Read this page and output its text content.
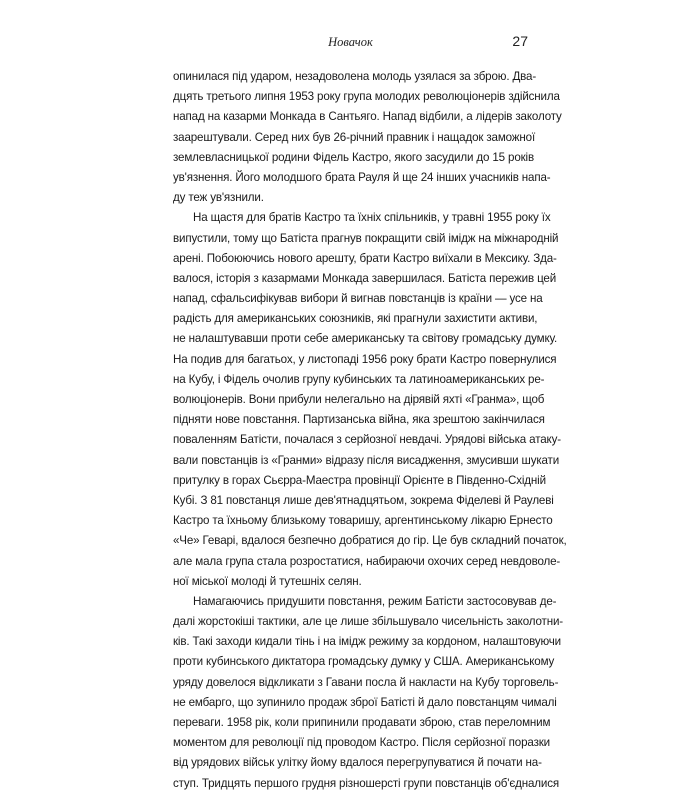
Новачок	27
опинилася під ударом, незадоволена молодь узялася за зброю. Два-
дцять третього липня 1953 року група молодих революціонерів здійснила
напад на казарми Монкада в Сантьяго. Напад відбили, а лідерів заколоту
заарештували. Серед них був 26-річний правник і нащадок заможної
землевласницької родини Фідель Кастро, якого засудили до 15 років
ув'язнення. Його молодшого брата Рауля й ще 24 інших учасників напа-
ду теж ув'язнили.
На щастя для братів Кастро та їхніх спільників, у травні 1955 року їх
випустили, тому що Батіста прагнув покращити свій імідж на міжнародній
арені. Побоюючись нового арешту, брати Кастро виїхали в Мексику. Зда-
валося, історія з казармами Монкада завершилася. Батіста пережив цей
напад, сфальсифікував вибори й вигнав повстанців із країни — усе на
радість для американських союзників, які прагнули захистити активи,
не налаштувавши проти себе американську та світову громадську думку.
На подив для багатьох, у листопаді 1956 року брати Кастро повернулися
на Кубу, і Фідель очолив групу кубинських та латиноамериканських ре-
волюціонерів. Вони прибули нелегально на дірявій яхті «Гранма», щоб
підняти нове повстання. Партизанська війна, яка зрештою закінчилася
поваленням Батісти, почалася з серйозної невдачі. Урядові війська атаку-
вали повстанців із «Гранми» відразу після висадження, змусивши шукати
притулку в горах Сьєрра-Маестра провінції Орієнте в Південно-Східній
Кубі. З 81 повстанця лише дев'ятнадцятьом, зокрема Фіделеві й Раулеві
Кастро та їхньому близькому товаришу, аргентинському лікарю Ернесто
«Че» Гевaрі, вдалося безпечно добратися до гір. Це був складний початок,
але мала група стала розростатися, набираючи охочих серед невдоволе-
ної міської молоді й тутешніх селян.
Намагаючись придушити повстання, режим Батісти застосовував де-
далі жорстокіші тактики, але це лише збільшувало чисельність заколотни-
ків. Такі заходи кидали тінь і на імідж режиму за кордоном, налаштовуючи
проти кубинського диктатора громадську думку у США. Американському
уряду довелося відкликати з Гавани посла й накласти на Кубу торговель-
не ембарго, що зупинило продаж зброї Батісті й дало повстанцям чималі
переваги. 1958 рік, коли припинили продавати зброю, став переломним
моментом для революції під проводом Кастро. Після серйозної поразки
від урядових військ улітку йому вдалося перегрупуватися й почати на-
ступ. Тридцять першого грудня різношерсті групи повстанців об'єдналися
